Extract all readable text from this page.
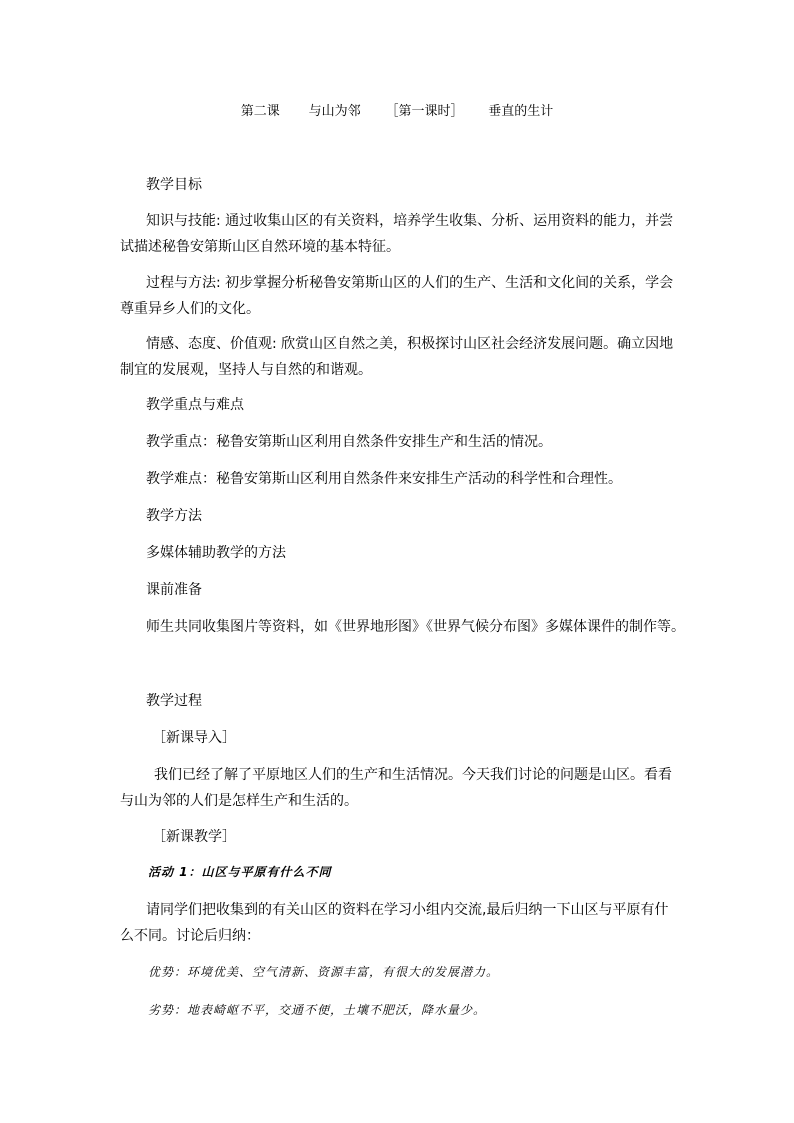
第二课 与山为邻 ［第一课时］ 垂直的生计
教学目标
知识与技能: 通过收集山区的有关资料，培养学生收集、分析、运用资料的能力，并尝试描述秘鲁安第斯山区自然环境的基本特征。
过程与方法: 初步掌握分析秘鲁安第斯山区的人们的生产、生活和文化间的关系，学会尊重异乡人们的文化。
情感、态度、价值观: 欣赏山区自然之美，积极探讨山区社会经济发展问题。确立因地制宜的发展观，坚持人与自然的和谐观。
教学重点与难点
教学重点：秘鲁安第斯山区利用自然条件安排生产和生活的情况。
教学难点：秘鲁安第斯山区利用自然条件来安排生产活动的科学性和合理性。
教学方法
多媒体辅助教学的方法
课前准备
师生共同收集图片等资料，如《世界地形图》《世界气候分布图》多媒体课件的制作等。
教学过程
［新课导入］
我们已经了解了平原地区人们的生产和生活情况。今天我们讨论的问题是山区。看看与山为邻的人们是怎样生产和生活的。
［新课教学］
活动 1：山区与平原有什么不同
请同学们把收集到的有关山区的资料在学习小组内交流,最后归纳一下山区与平原有什么不同。讨论后归纳：
优势：环境优美、空气清新、资源丰富，有很大的发展潜力。
劣势：地表崎岖不平，交通不便，土壤不肥沃，降水量少。
